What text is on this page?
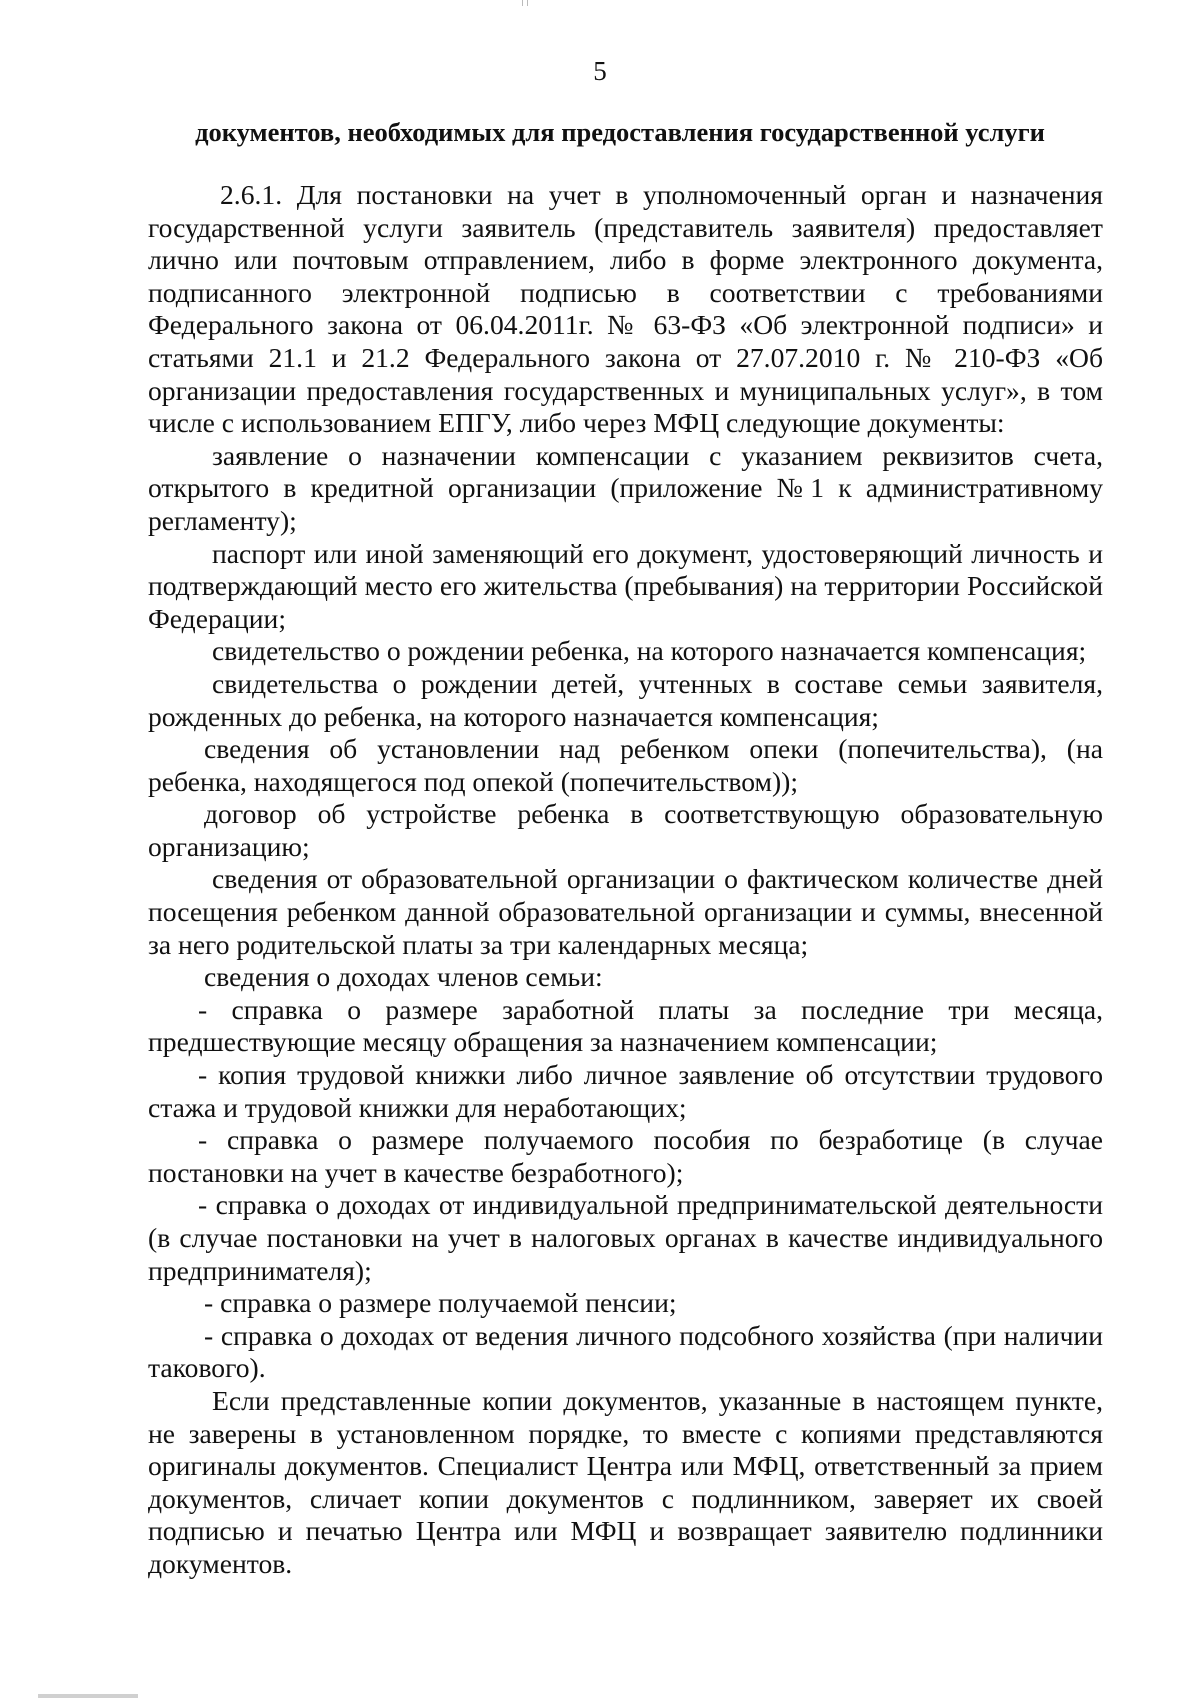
5
документов, необходимых для предоставления государственной услуги

2.6.1. Для постановки на учет в уполномоченный орган и назначения государственной услуги заявитель (представитель заявителя) предоставляет лично или почтовым отправлением, либо в форме электронного документа, подписанного электронной подписью в соответствии с требованиями Федерального закона от 06.04.2011г. № 63-ФЗ «Об электронной подписи» и статьями 21.1 и 21.2 Федерального закона от 27.07.2010 г. № 210-ФЗ «Об организации предоставления государственных и муниципальных услуг», в том числе с использованием ЕПГУ, либо через МФЦ следующие документы:

заявление о назначении компенсации с указанием реквизитов счета, открытого в кредитной организации (приложение №1 к административному регламенту);

паспорт или иной заменяющий его документ, удостоверяющий личность и подтверждающий место его жительства (пребывания) на территории Российской Федерации;

свидетельство о рождении ребенка, на которого назначается компенсация;

свидетельства о рождении детей, учтенных в составе семьи заявителя, рожденных до ребенка, на которого назначается компенсация;

сведения об установлении над ребенком опеки (попечительства), (на ребенка, находящегося под опекой (попечительством));

договор об устройстве ребенка в соответствующую образовательную организацию;

сведения от образовательной организации о фактическом количестве дней посещения ребенком данной образовательной организации и суммы, внесенной за него родительской платы за три календарных месяца;

сведения о доходах членов семьи:

- справка о размере заработной платы за последние три месяца, предшествующие месяцу обращения за назначением компенсации;

- копия трудовой книжки либо личное заявление об отсутствии трудового стажа и трудовой книжки для неработающих;

- справка о размере получаемого пособия по безработице (в случае постановки на учет в качестве безработного);

- справка о доходах от индивидуальной предпринимательской деятельности (в случае постановки на учет в налоговых органах в качестве индивидуального предпринимателя);

- справка о размере получаемой пенсии;

- справка о доходах от ведения личного подсобного хозяйства (при наличии такового).

Если представленные копии документов, указанные в настоящем пункте, не заверены в установленном порядке, то вместе с копиями представляются оригиналы документов. Специалист Центра или МФЦ, ответственный за прием документов, сличает копии документов с подлинником, заверяет их своей подписью и печатью Центра или МФЦ и возвращает заявителю подлинники документов.
